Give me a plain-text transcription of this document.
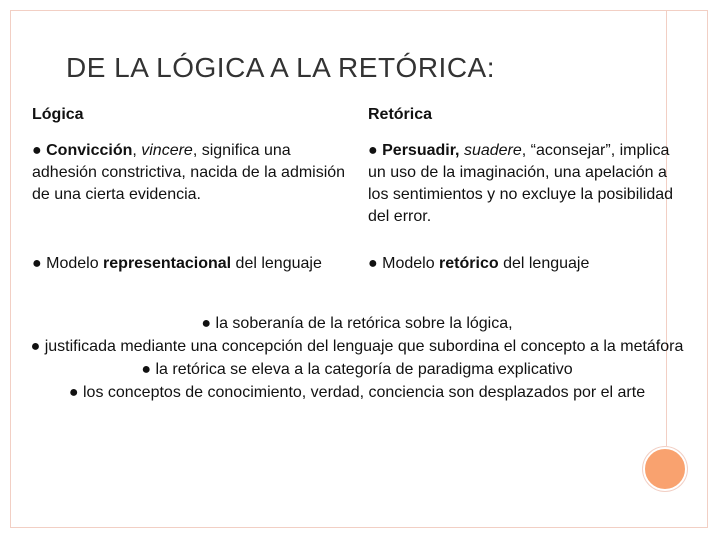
DE LA LÓGICA A LA RETÓRICA:
Lógica	Retórica
● Convicción, vincere, significa una adhesión constrictiva, nacida de la admisión de una cierta evidencia.
● Persuadir, suadere, “aconsejar”, implica un uso de la imaginación, una apelación a los sentimientos y no excluye la posibilidad del error.
● Modelo representacional del lenguaje	● Modelo retórico del lenguaje
● la soberanía de la retórica sobre la lógica,
● justificada mediante una concepción del lenguaje que subordina el concepto a la metáfora
● la retórica se eleva a la categoría de paradigma explicativo
● los conceptos de conocimiento, verdad, conciencia son desplazados por el arte
